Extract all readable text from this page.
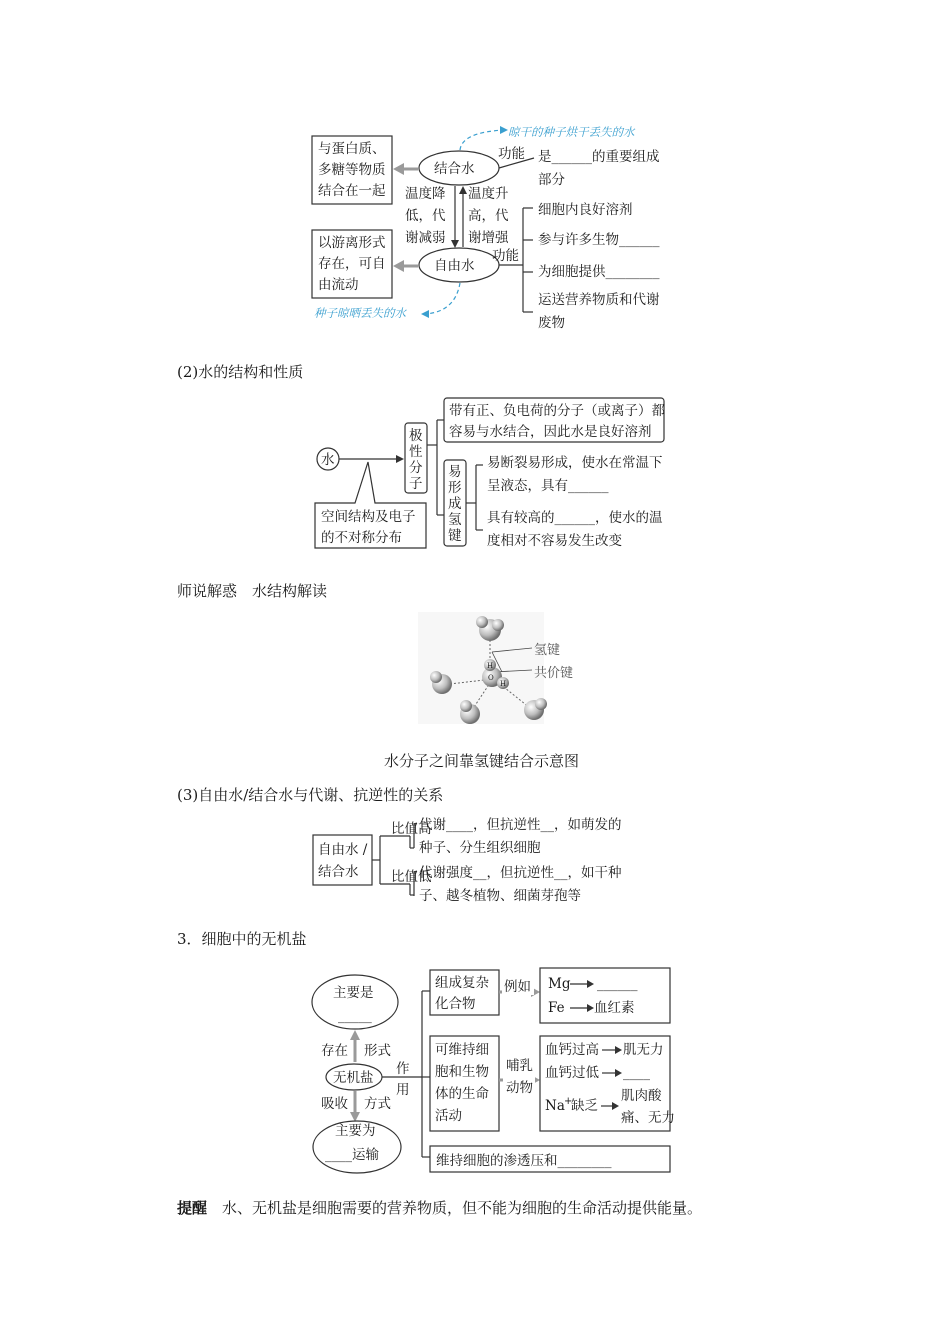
与蛋白质、
多糖等物质
结合在一起
以游离形式
存在，可自
由流动
结合水
自由水
温度降
低，代
谢减弱
温度升
高，代
谢增强
功能 是______的重要组成
部分
功能
细胞内良好溶剂
参与许多生物______
为细胞提供________
运送营养物质和代谢
废物
晾干的种子烘干丢失的水
种子晾晒丢失的水
(2)水的结构和性质
水
极
性
分
子
带有正、负电荷的分子（或离子）都
容易与水结合，因此水是良好溶剂
易
形
成
氢
键
易断裂易形成，使水在常温下
呈液态，具有______
具有较高的______，使水的温
度相对不容易发生改变
空间结构及电子
的不对称分布
师说解惑　水结构解读
H
O
H
氢键
共价键
水分子之间靠氢键结合示意图
(3)自由水/结合水与代谢、抗逆性的关系
自由水 /
结合水
比值高
比值低
代谢____，但抗逆性__，如萌发的
种子、分生组织细胞
代谢强度__，但抗逆性__，如干种
子、越冬植物、细菌芽孢等
3．细胞中的无机盐
主要是
_____
存在 形式
无机盐
吸收 方式
主要为
____运输
作
用
组成复杂
化合物
例如 Mg ______
Fe 血红素
可维持细
胞和生物
体的生命
活动
哺乳
动物
血钙过高 肌无力
血钙过低 ____
Na +
缺乏
肌肉酸
痛、无力
维持细胞的渗透压和________
提醒　 水、无机盐是细胞需要的营养物质，但不能为细胞的生命活动提供能量。
